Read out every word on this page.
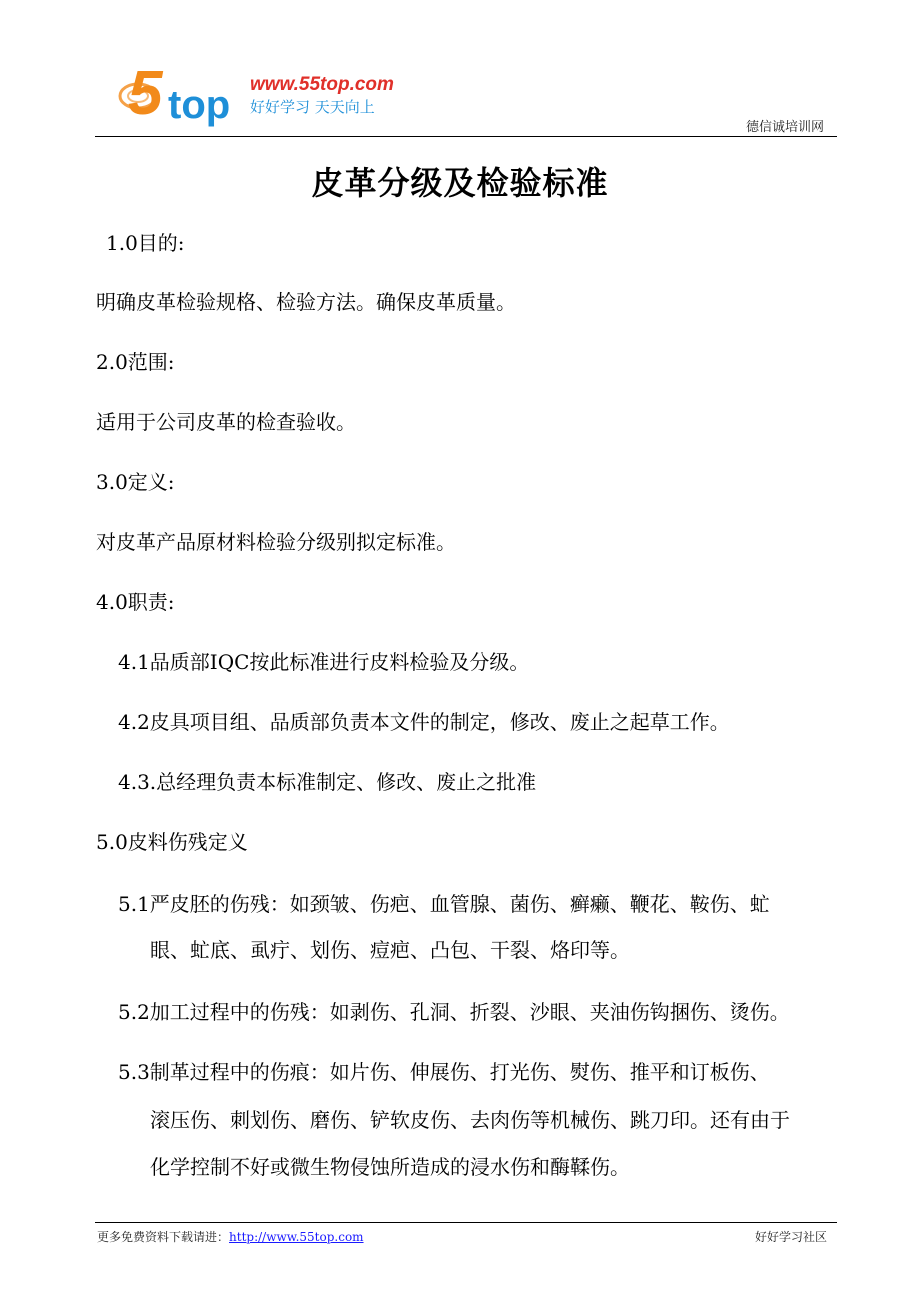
5 top www.55top.com
好好学习 天天向上
德信诚培训网
皮革分级及检验标准
1.0目的:
明确皮革检验规格、检验方法。确保皮革质量。
2.0范围:
适用于公司皮革的检查验收。
3.0定义:
对皮革产品原材料检验分级别拟定标准。
4.0职责:
4.1品质部IQC按此标准进行皮料检验及分级。
4.2皮具项目组、品质部负责本文件的制定，修改、废止之起草工作。
4.3.总经理负责本标准制定、修改、废止之批准
5.0皮料伤残定义
5.1严皮胚的伤残：如颈皱、伤疤、血管腺、菌伤、癣癞、鞭花、鞍伤、虻
眼、虻底、虱疔、划伤、痘疤、凸包、干裂、烙印等。
5.2加工过程中的伤残：如剥伤、孔洞、折裂、沙眼、夹油伤钩捆伤、烫伤。
5.3制革过程中的伤痕：如片伤、伸展伤、打光伤、熨伤、推平和订板伤、
滚压伤、刺划伤、磨伤、铲软皮伤、去肉伤等机械伤、跳刀印。还有由于
化学控制不好或微生物侵蚀所造成的浸水伤和酶鞣伤。
更多免费资料下载请进：http://www.55top.com	好好学习社区
